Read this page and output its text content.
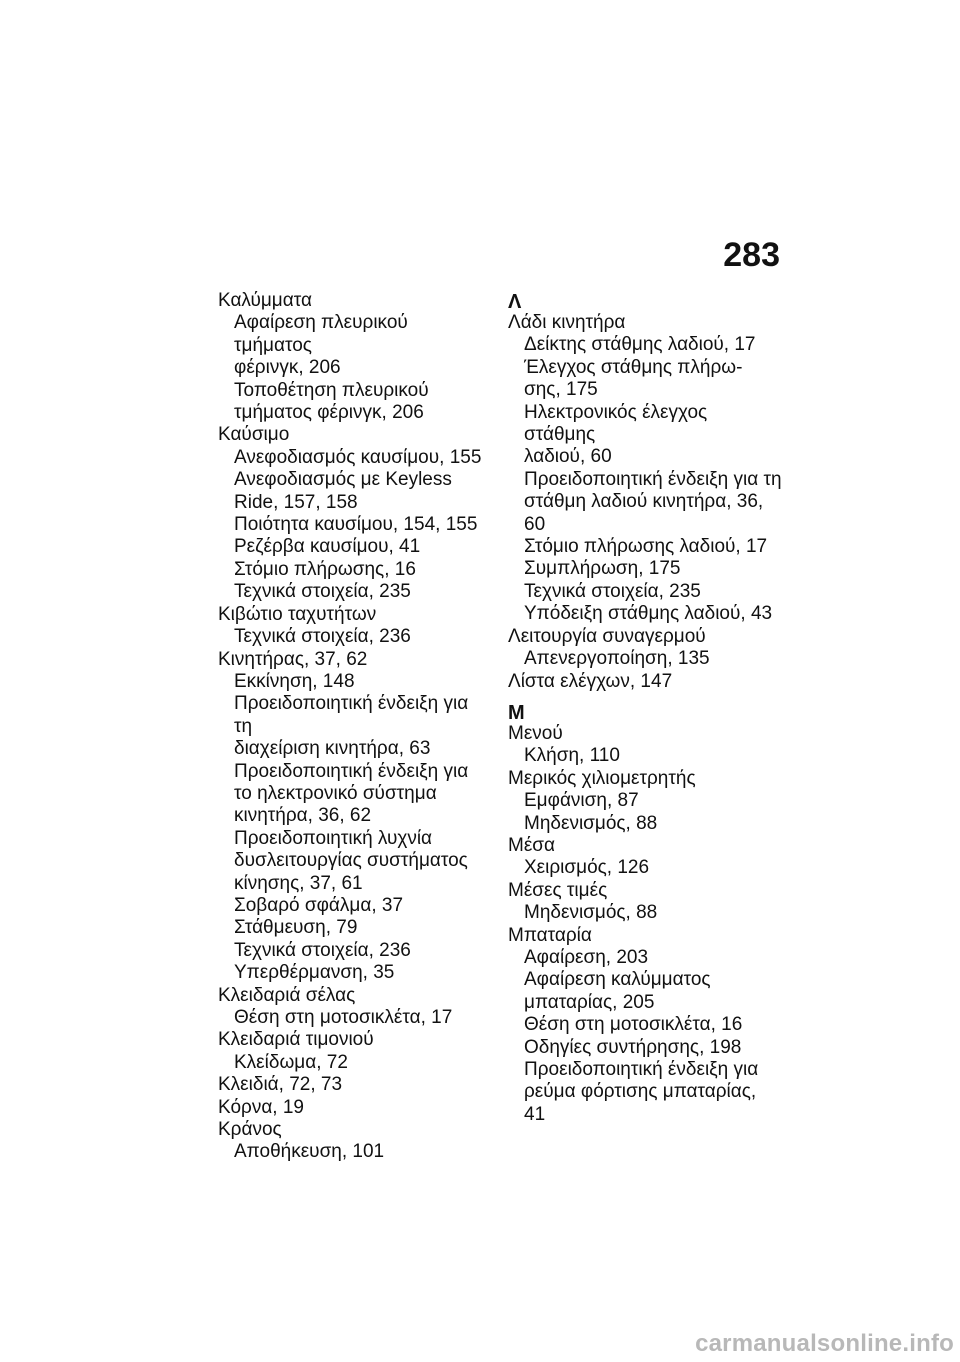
283
Καλύμματα
Αφαίρεση πλευρικού τμήματος
φέρινγκ, 206
Τοποθέτηση πλευρικού
τμήματος φέρινγκ, 206
Καύσιμο
Ανεφοδιασμός καυσίμου, 155
Ανεφοδιασμός με Keyless
Ride, 157, 158
Ποιότητα καυσίμου, 154, 155
Ρεζέρβα καυσίμου, 41
Στόμιο πλήρωσης, 16
Τεχνικά στοιχεία, 235
Κιβώτιο ταχυτήτων
Τεχνικά στοιχεία, 236
Κινητήρας, 37, 62
Εκκίνηση, 148
Προειδοποιητική ένδειξη για τη
διαχείριση κινητήρα, 63
Προειδοποιητική ένδειξη για
το ηλεκτρονικό σύστημα
κινητήρα, 36, 62
Προειδοποιητική λυχνία
δυσλειτουργίας συστήματος
κίνησης, 37, 61
Σοβαρό σφάλμα, 37
Στάθμευση, 79
Τεχνικά στοιχεία, 236
Υπερθέρμανση, 35
Κλειδαριά σέλας
Θέση στη μοτοσικλέτα, 17
Κλειδαριά τιμονιού
Κλείδωμα, 72
Κλειδιά, 72, 73
Κόρνα, 19
Κράνος
Αποθήκευση, 101
Λ
Λάδι κινητήρα
Δείκτης στάθμης λαδιού, 17
Έλεγχος στάθμης πλήρω-
σης, 175
Ηλεκτρονικός έλεγχος στάθμης
λαδιού, 60
Προειδοποιητική ένδειξη για τη
στάθμη λαδιού κινητήρα, 36,
60
Στόμιο πλήρωσης λαδιού, 17
Συμπλήρωση, 175
Τεχνικά στοιχεία, 235
Υπόδειξη στάθμης λαδιού, 43
Λειτουργία συναγερμού
Απενεργοποίηση, 135
Λίστα ελέγχων, 147
Μ
Μενού
Κλήση, 110
Μερικός χιλιομετρητής
Εμφάνιση, 87
Μηδενισμός, 88
Μέσα
Χειρισμός, 126
Μέσες τιμές
Μηδενισμός, 88
Μπαταρία
Αφαίρεση, 203
Αφαίρεση καλύμματος
μπαταρίας, 205
Θέση στη μοτοσικλέτα, 16
Οδηγίες συντήρησης, 198
Προειδοποιητική ένδειξη για
ρεύμα φόρτισης μπαταρίας, 41
carmanualsonline.info
